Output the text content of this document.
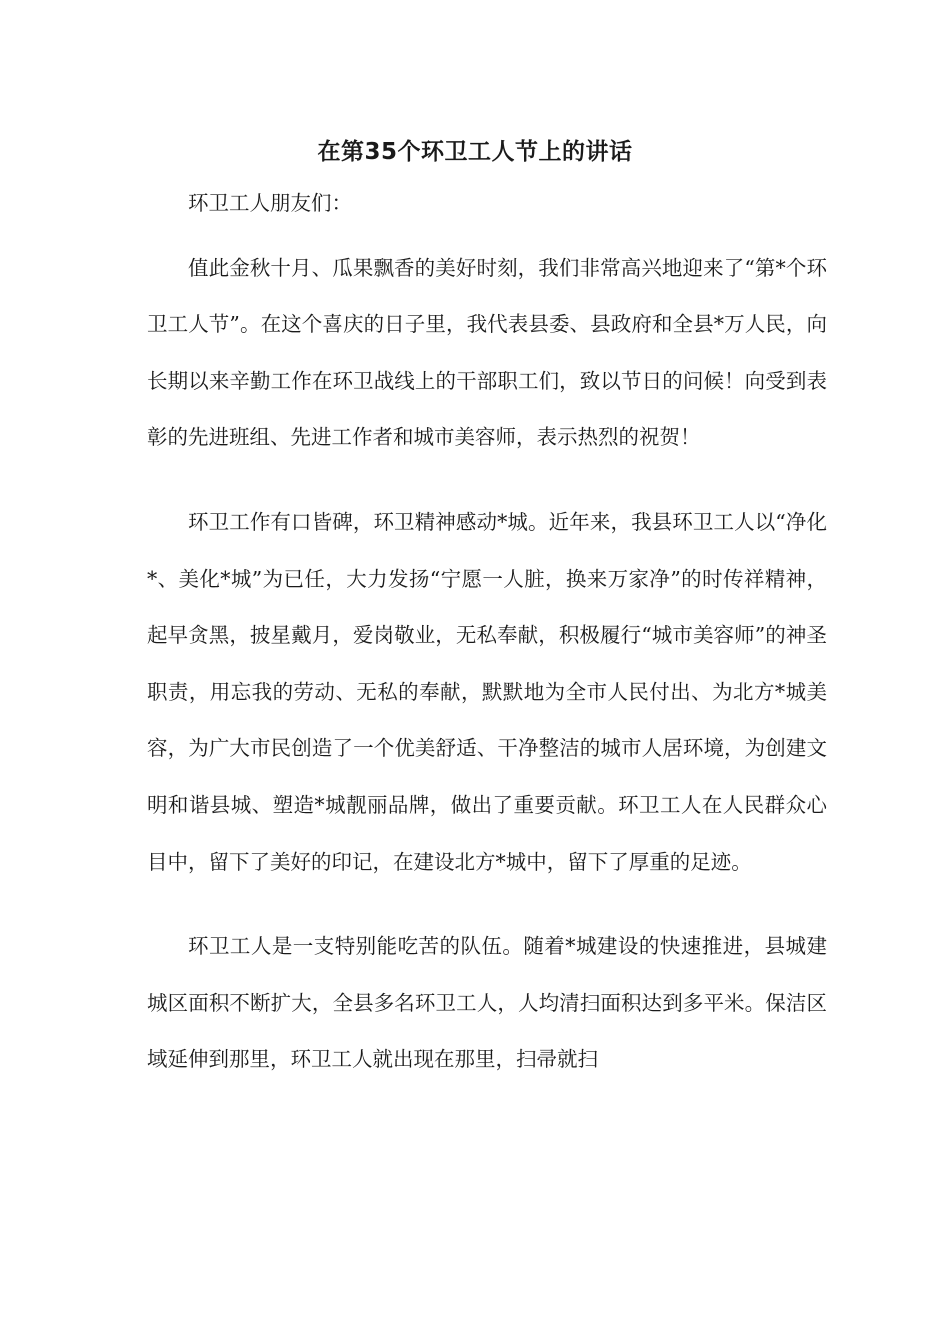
在第35个环卫工人节上的讲话

环卫工人朋友们：

值此金秋十月、瓜果飘香的美好时刻，我们非常高兴地迎来了“第*个环卫工人节”。在这个喜庆的日子里，我代表县委、县政府和全县*万人民，向长期以来辛勤工作在环卫战线上的干部职工们，致以节日的问候！向受到表彰的先进班组、先进工作者和城市美容师，表示热烈的祝贺！

环卫工作有口皆碑，环卫精神感动*城。近年来，我县环卫工人以“净化*、美化*城”为已任，大力发扬“宁愿一人脏，换来万家净”的时传祥精神，起早贪黑，披星戴月，爱岗敬业，无私奉献，积极履行“城市美容师”的神圣职责，用忘我的劳动、无私的奉献，默默地为全市人民付出、为北方*城美容，为广大市民创造了一个优美舒适、干净整洁的城市人居环境，为创建文明和谐县城、塑造*城靓丽品牌，做出了重要贡献。环卫工人在人民群众心目中，留下了美好的印记，在建设北方*城中，留下了厚重的足迹。

环卫工人是一支特别能吃苦的队伍。随着*城建设的快速推进，县城建城区面积不断扩大，全县多名环卫工人，人均清扫面积达到多平米。保洁区域延伸到那里，环卫工人就出现在那里，扫帚就扫
